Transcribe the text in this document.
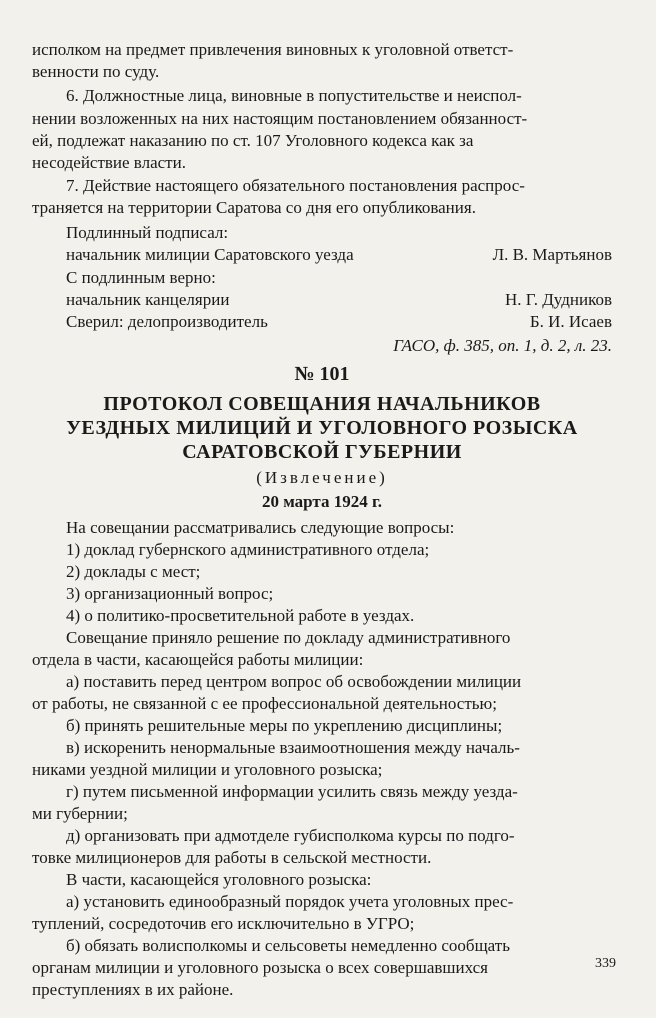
исполком на предмет привлечения виновных к уголовной ответст-
венности по суду.
6. Должностные лица, виновные в попустительстве и неиспол-
нении возложенных на них настоящим постановлением обязанност-
ей, подлежат наказанию по ст. 107 Уголовного кодекса как за
несодействие власти.
7. Действие настоящего обязательного постановления распрос-
траняется на территории Саратова со дня его опубликования.
Подлинный подписал:
начальник милиции Саратовского уезда	Л. В. Мартьянов
С подлинным верно:
начальник канцелярии	Н. Г. Дудников
Сверил: делопроизводитель	Б. И. Исаев
ГАСО, ф. 385, оп. 1, д. 2, л. 23.
№ 101
ПРОТОКОЛ СОВЕЩАНИЯ НАЧАЛЬНИКОВ
УЕЗДНЫХ МИЛИЦИЙ И УГОЛОВНОГО РОЗЫСКА
САРАТОВСКОЙ ГУБЕРНИИ
(Извлечение)
20 марта 1924 г.
На совещании рассматривались следующие вопросы:
1) доклад губернского административного отдела;
2) доклады с мест;
3) организационный вопрос;
4) о политико-просветительной работе в уездах.
Совещание приняло решение по докладу административного
отдела в части, касающейся работы милиции:
а) поставить перед центром вопрос об освобождении милиции
от работы, не связанной с ее профессиональной деятельностью;
б) принять решительные меры по укреплению дисциплины;
в) искоренить ненормальные взаимоотношения между началь-
никами уездной милиции и уголовного розыска;
г) путем письменной информации усилить связь между уезда-
ми губернии;
д) организовать при адмотделе губисполкома курсы по подго-
товке милиционеров для работы в сельской местности.
В части, касающейся уголовного розыска:
а) установить единообразный порядок учета уголовных прес-
туплений, сосредоточив его исключительно в УГРО;
б) обязать волисполкомы и сельсоветы немедленно сообщать
органам милиции и уголовного розыска о всех совершавшихся
преступлениях в их районе.
339
